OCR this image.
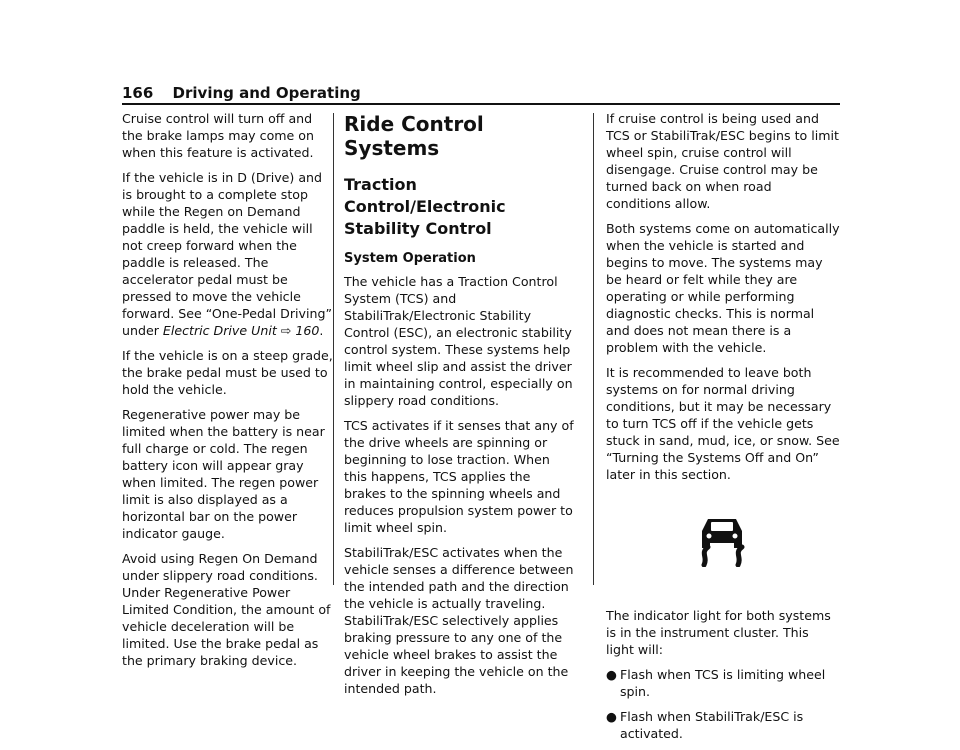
166 Driving and Operating

Cruise control will turn off and the brake lamps may come on when this feature is activated.

If the vehicle is in D (Drive) and is brought to a complete stop while the Regen on Demand paddle is held, the vehicle will not creep forward when the paddle is released. The accelerator pedal must be pressed to move the vehicle forward. See “One-Pedal Driving” under Electric Drive Unit ⇨ 160.

If the vehicle is on a steep grade, the brake pedal must be used to hold the vehicle.

Regenerative power may be limited when the battery is near full charge or cold. The regen battery icon will appear gray when limited. The regen power limit is also displayed as a horizontal bar on the power indicator gauge.

Avoid using Regen On Demand under slippery road conditions. Under Regenerative Power Limited Condition, the amount of vehicle deceleration will be limited. Use the brake pedal as the primary braking device.

Ride Control Systems
Traction Control/Electronic Stability Control
System Operation

The vehicle has a Traction Control System (TCS) and StabiliTrak/Electronic Stability Control (ESC), an electronic stability control system. These systems help limit wheel slip and assist the driver in maintaining control, especially on slippery road conditions.

TCS activates if it senses that any of the drive wheels are spinning or beginning to lose traction. When this happens, TCS applies the brakes to the spinning wheels and reduces propulsion system power to limit wheel spin.

StabiliTrak/ESC activates when the vehicle senses a difference between the intended path and the direction the vehicle is actually traveling. StabiliTrak/ESC selectively applies braking pressure to any one of the vehicle wheel brakes to assist the driver in keeping the vehicle on the intended path.

If cruise control is being used and TCS or StabiliTrak/ESC begins to limit wheel spin, cruise control will disengage. Cruise control may be turned back on when road conditions allow.

Both systems come on automatically when the vehicle is started and begins to move. The systems may be heard or felt while they are operating or while performing diagnostic checks. This is normal and does not mean there is a problem with the vehicle.

It is recommended to leave both systems on for normal driving conditions, but it may be necessary to turn TCS off if the vehicle gets stuck in sand, mud, ice, or snow. See “Turning the Systems Off and On” later in this section.

The indicator light for both systems is in the instrument cluster. This light will:

● Flash when TCS is limiting wheel spin.
● Flash when StabiliTrak/ESC is activated.
